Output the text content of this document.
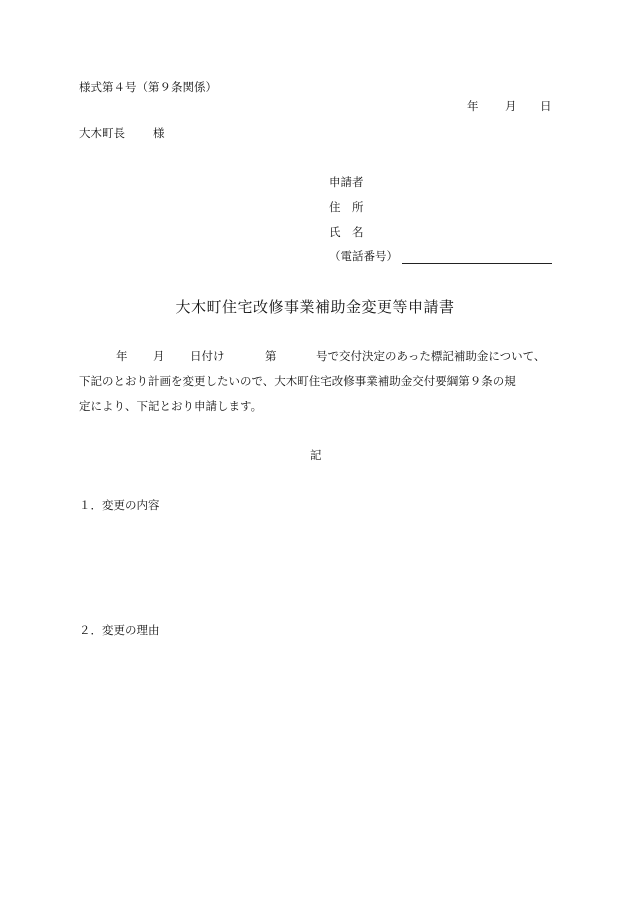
様式第４号（第９条関係）
年 月 日
大木町長 様
申請者
住　所
氏　名
（電話番号）
大木町住宅改修事業補助金変更等申請書
年 月 日付け	第	号で交付決定のあった標記補助金について、
下記のとおり計画を変更したいので、大木町住宅改修事業補助金交付要綱第９条の規
定により、下記とおり申請します。
記
１．変更の内容
２．変更の理由
